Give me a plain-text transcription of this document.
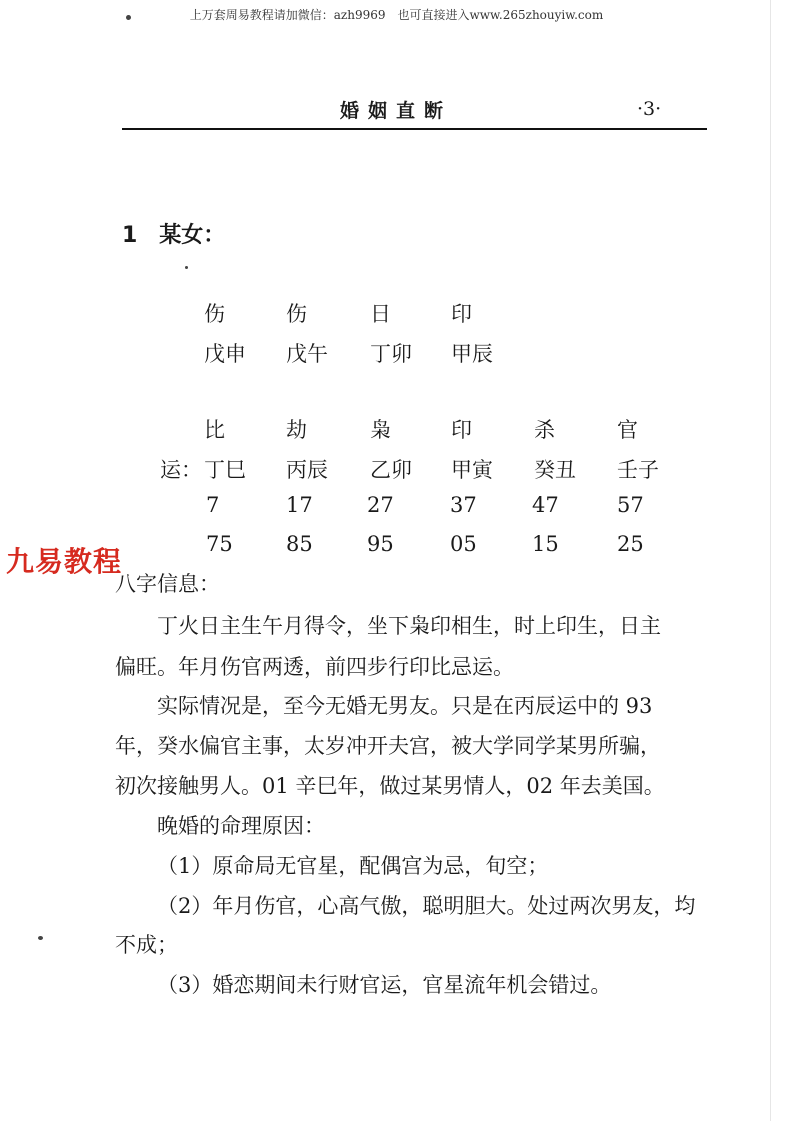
上万套周易教程请加微信：azh9969　也可直接进入www.265zhouyiw.com
婚姻直断	·3·
1　某女：
伤	伤	日	印
戊申 戊午 丁卯 甲辰
比	劫	枭	印	杀	官
运： 丁巳 丙辰 乙卯 甲寅 癸丑 壬子
7	17	27	37	47	57
75	85	95	05	15	25
九易教程
八字信息：
丁火日主生午月得令，坐下枭印相生，时上印生，日主
偏旺。年月伤官两透，前四步行印比忌运。
实际情况是，至今无婚无男友。只是在丙辰运中的 93
年，癸水偏官主事，太岁冲开夫宫，被大学同学某男所骗，
初次接触男人。01 辛巳年，做过某男情人，02 年去美国。
晚婚的命理原因：
（1）原命局无官星，配偶宫为忌，旬空；
（2）年月伤官，心高气傲，聪明胆大。处过两次男友，均
不成；
（3）婚恋期间未行财官运，官星流年机会错过。
